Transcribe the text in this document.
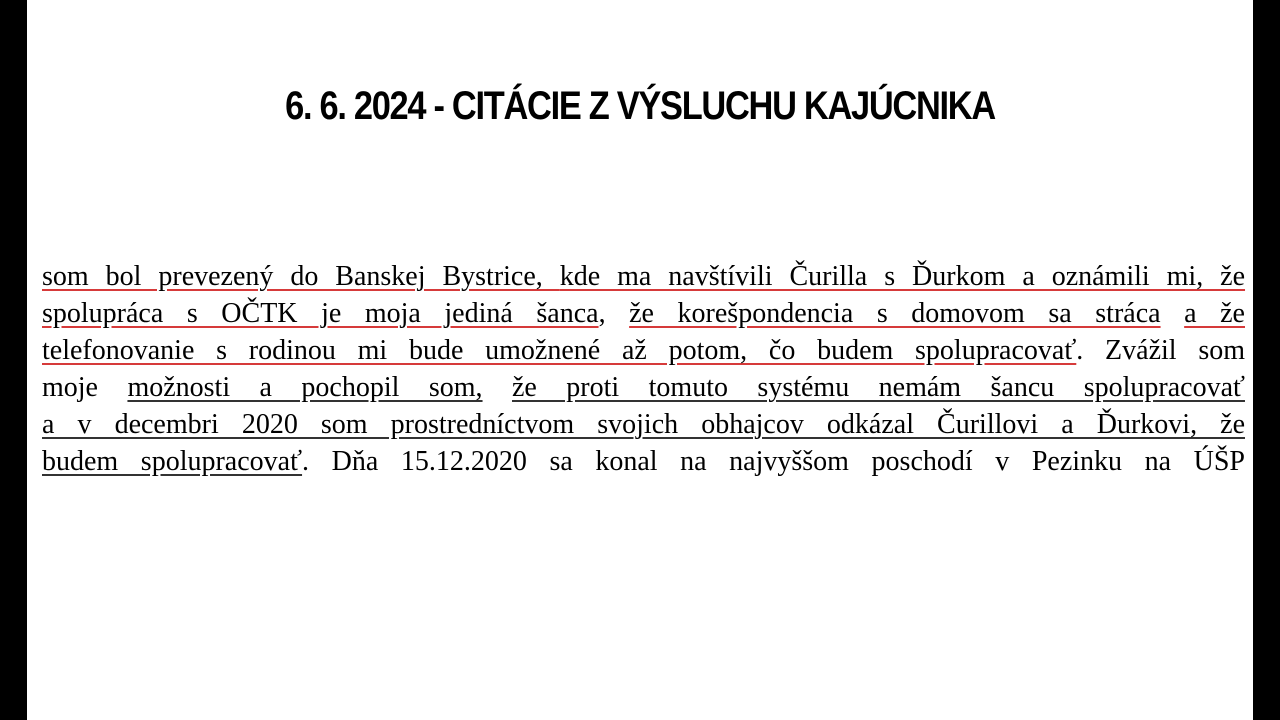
6. 6. 2024 - CITÁCIE Z VÝSLUCHU KAJÚCNIKA
som bol prevezený do Banskej Bystrice, kde ma navštívili Čurilla s Ďurkom a oznámili mi, že
spolupráca s OČTK je moja jediná šanca, že korešpondencia s domovom sa stráca a že
telefonovanie s rodinou mi bude umožnené až potom, čo budem spolupracovať. Zvážil som
moje možnosti a pochopil som, že proti tomuto systému nemám šancu spolupracovať
a v decembri 2020 som prostredníctvom svojich obhajcov odkázal Čurillovi a Ďurkovi, že
budem spolupracovať. Dňa 15.12.2020 sa konal na najvyššom poschodí v Pezinku na ÚŠP
